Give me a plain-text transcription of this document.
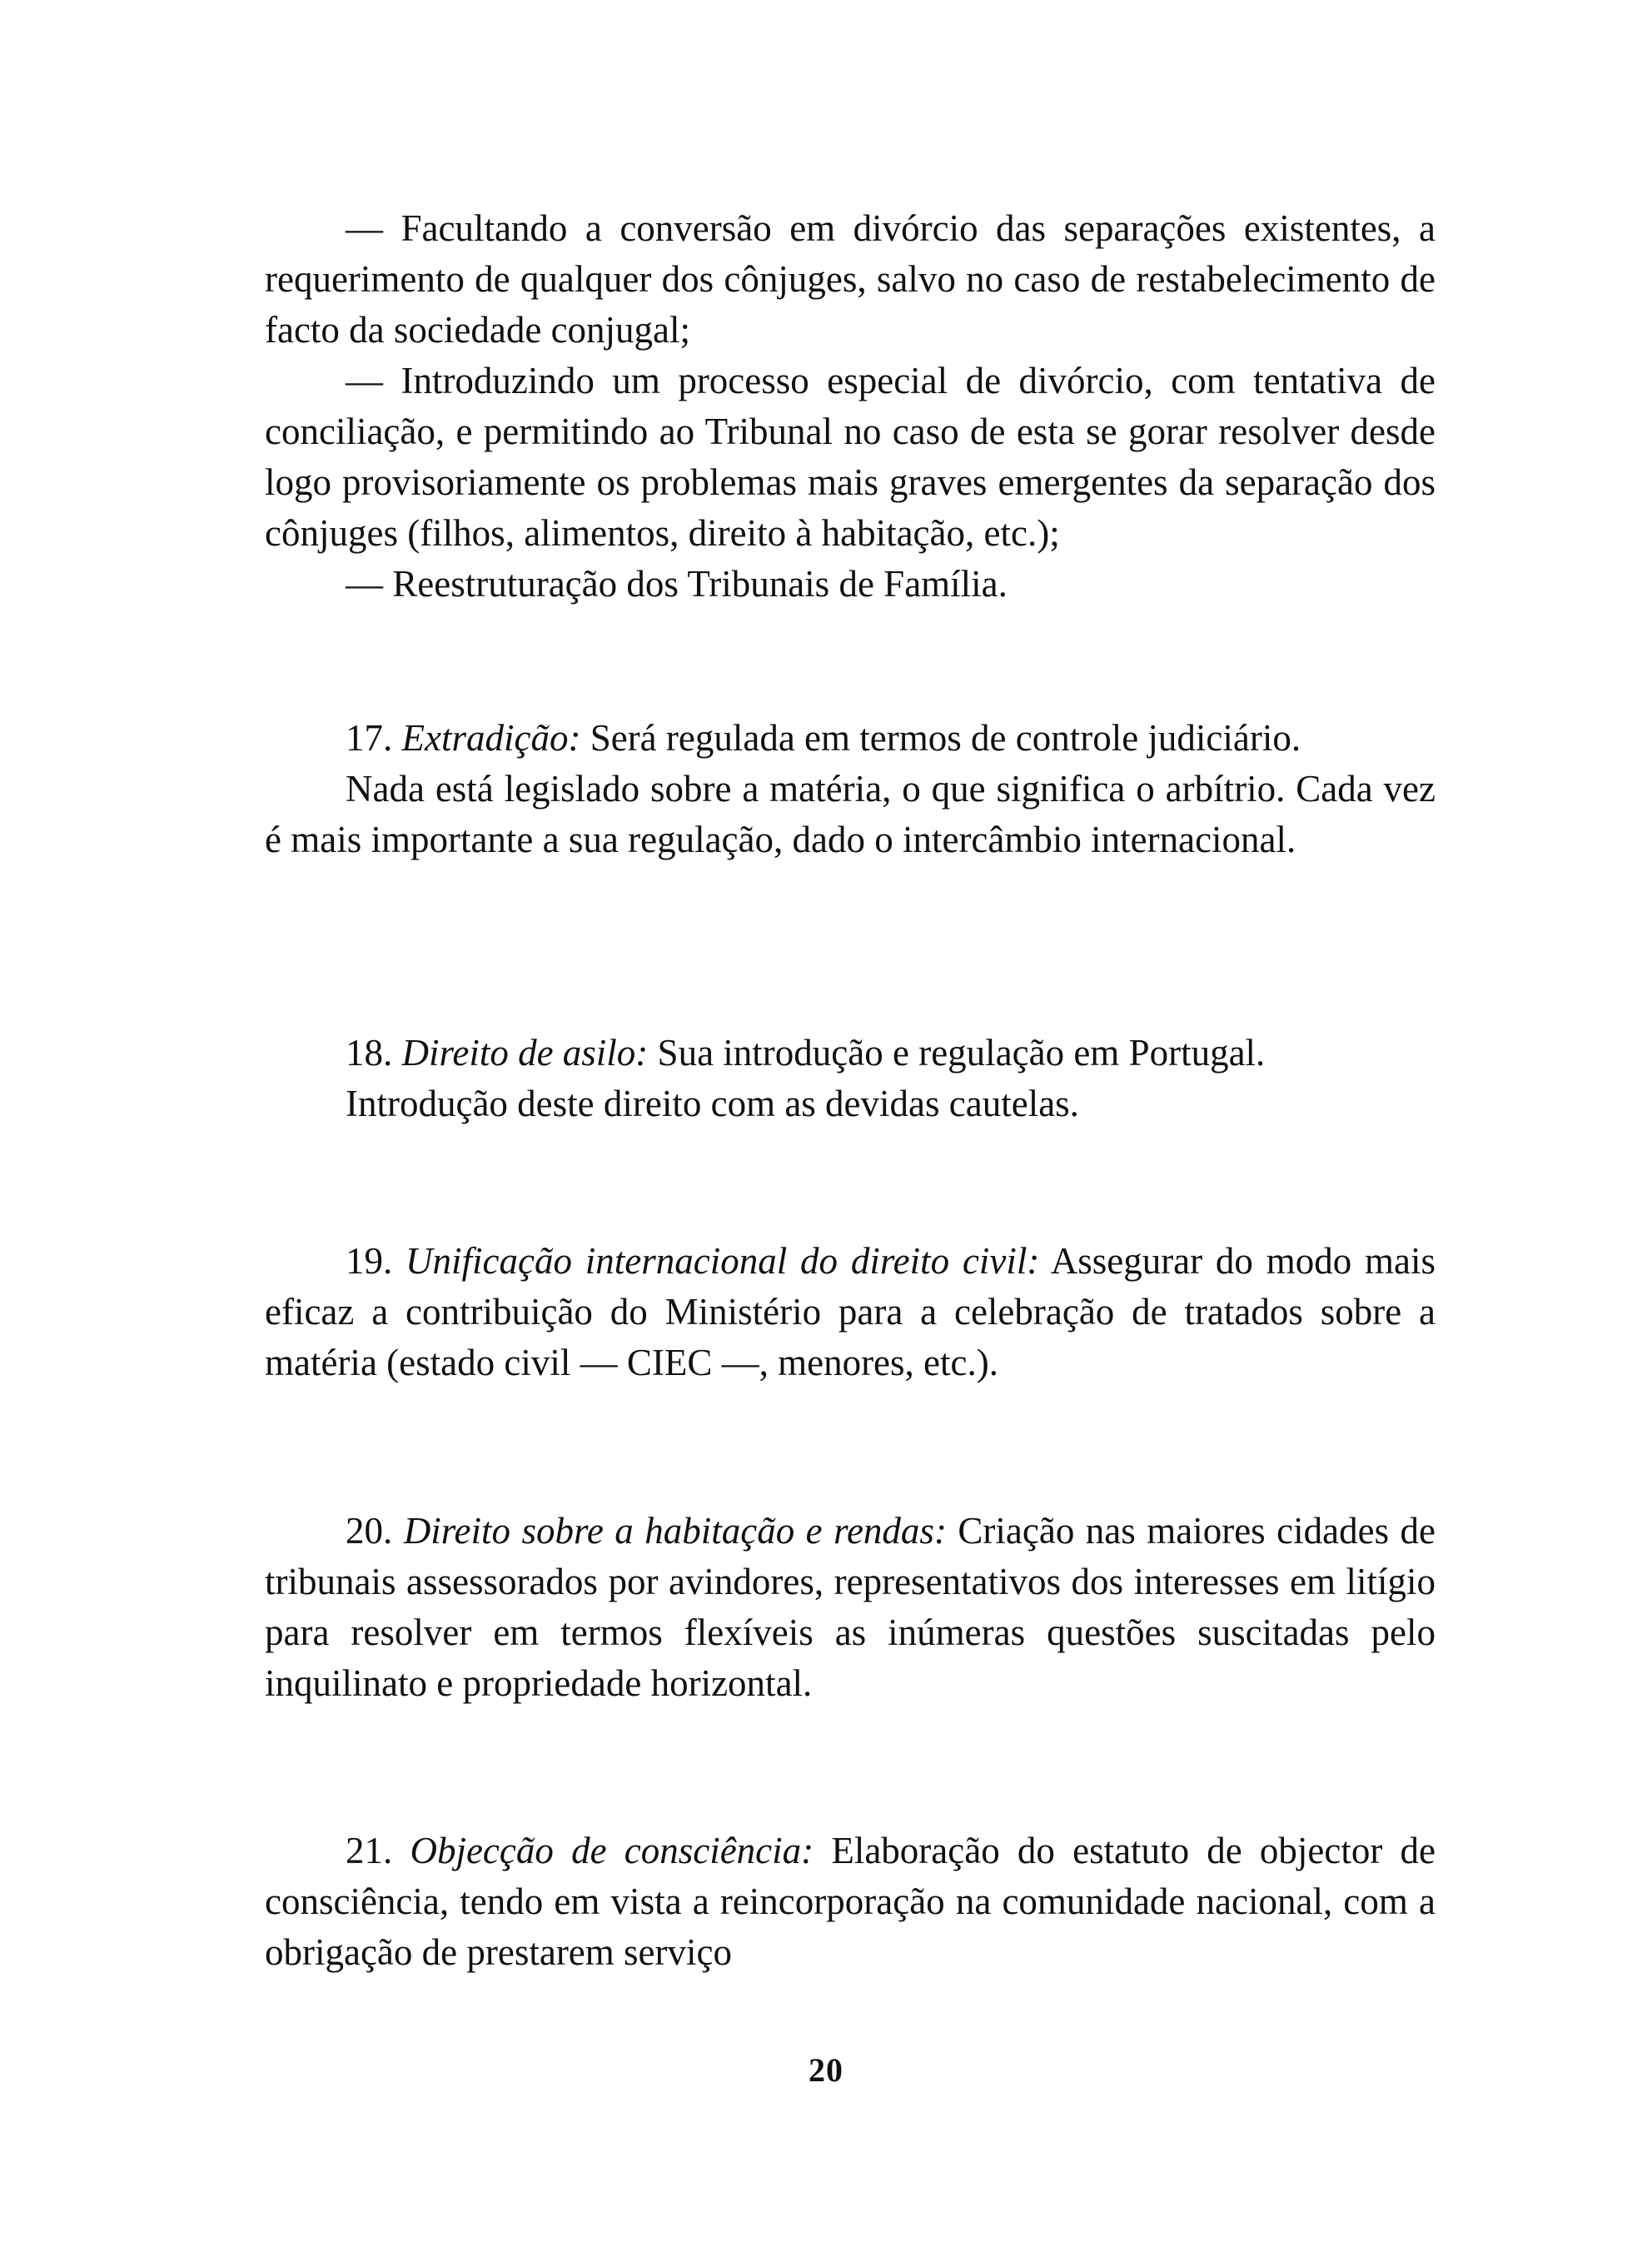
— Facultando a conversão em divórcio das separações existentes, a requerimento de qualquer dos cônjuges, salvo no caso de restabelecimento de facto da sociedade conjugal;

— Introduzindo um processo especial de divórcio, com tentativa de conciliação, e permitindo ao Tribunal no caso de esta se gorar resolver desde logo provisoriamente os problemas mais graves emergentes da separação dos cônjuges (filhos, alimentos, direito à habitação, etc.);

— Reestruturação dos Tribunais de Família.

17. Extradição: Será regulada em termos de controle judiciário.

Nada está legislado sobre a matéria, o que significa o arbítrio. Cada vez é mais importante a sua regulação, dado o intercâmbio internacional.

18. Direito de asilo: Sua introdução e regulação em Portugal.

Introdução deste direito com as devidas cautelas.

19. Unificação internacional do direito civil: Assegurar do modo mais eficaz a contribuição do Ministério para a celebração de tratados sobre a matéria (estado civil — CIEC —, menores, etc.).

20. Direito sobre a habitação e rendas: Criação nas maiores cidades de tribunais assessorados por avindores, representativos dos interesses em litígio para resolver em termos flexíveis as inúmeras questões suscitadas pelo inquilinato e propriedade horizontal.

21. Objecção de consciência: Elaboração do estatuto de objector de consciência, tendo em vista a reincorporação na comunidade nacional, com a obrigação de prestarem serviço

20
